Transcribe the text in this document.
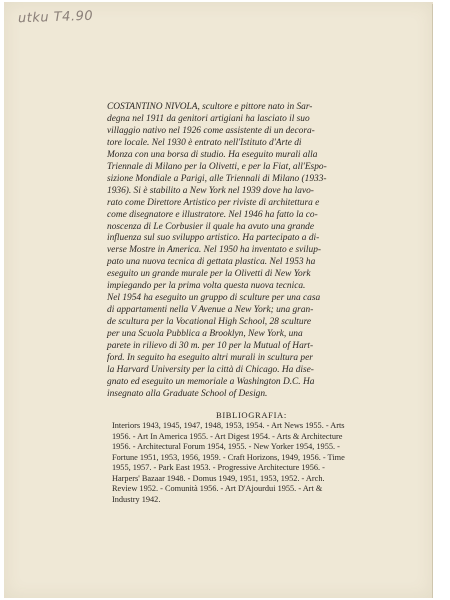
utku T4.90

COSTANTINO NIVOLA, scultore e pittore nato in Sar-
degna nel 1911 da genitori artigiani ha lasciato il suo
villaggio nativo nel 1926 come assistente di un decora-
tore locale. Nel 1930 è entrato nell'Istituto d'Arte di
Monza con una borsa di studio. Ha eseguito murali alla
Triennale di Milano per la Olivetti, e per la Fiat, all'Espo-
sizione Mondiale a Parigi, alle Triennali di Milano (1933-
1936). Si è stabilito a New York nel 1939 dove ha lavo-
rato come Direttore Artistico per riviste di architettura e
come disegnatore e illustratore. Nel 1946 ha fatto la co-
noscenza di Le Corbusier il quale ha avuto una grande
influenza sul suo sviluppo artistico. Ha partecipato a di-
verse Mostre in America. Nel 1950 ha inventato e svilup-
pato una nuova tecnica di gettata plastica. Nel 1953 ha
eseguito un grande murale per la Olivetti di New York
impiegando per la prima volta questa nuova tecnica.
Nel 1954 ha eseguito un gruppo di sculture per una casa
di appartamenti nella V Avenue a New York; una gran-
de scultura per la Vocational High School, 28 sculture
per una Scuola Pubblica a Brooklyn, New York, una
parete in rilievo di 30 m. per 10 per la Mutual of Hart-
ford. In seguito ha eseguito altri murali in scultura per
la Harvard University per la città di Chicago. Ha dise-
gnato ed eseguito un memoriale a Washington D.C. Ha
insegnato alla Graduate School of Design.

BIBLIOGRAFIA:

Interiors 1943, 1945, 1947, 1948, 1953, 1954. - Art News 1955. - Arts
1956. - Art In America 1955. - Art Digest 1954. - Arts & Architecture
1956. - Architectural Forum 1954, 1955. - New Yorker 1954, 1955. -
Fortune 1951, 1953, 1956, 1959. - Craft Horizons, 1949, 1956. - Time
1955, 1957. - Park East 1953. - Progressive Architecture 1956. -
Harpers' Bazaar 1948. - Domus 1949, 1951, 1953, 1952. - Arch.
Review 1952. - Comunità 1956. - Art D'Ajourdui 1955. - Art &
Industry 1942.
